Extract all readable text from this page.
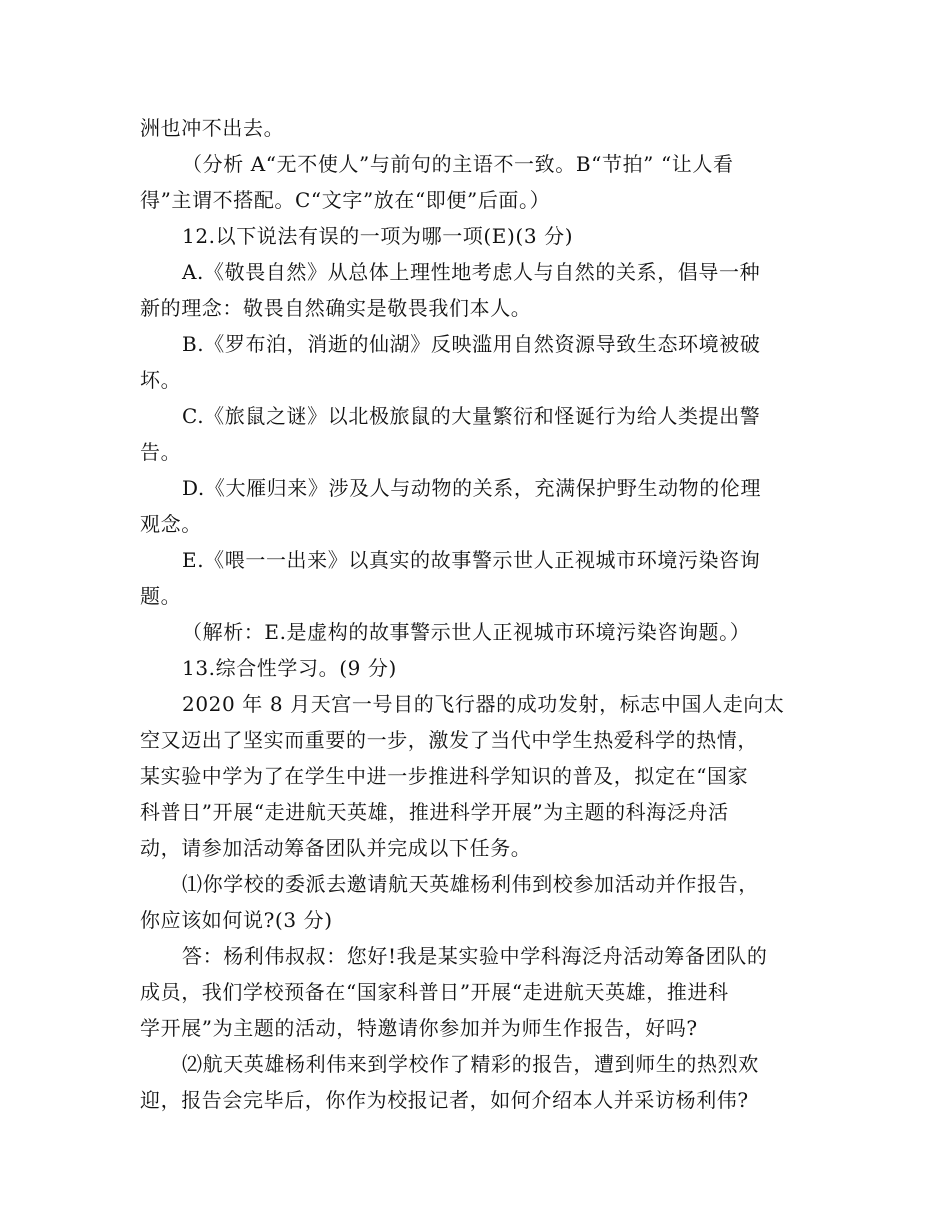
洲也冲不出去。
（分析 A“无不使人”与前句的主语不一致。B“节拍” “让人看
得”主谓不搭配。C“文字”放在“即便”后面。）
12.以下说法有误的一项为哪一项(E)(3 分)
A.《敬畏自然》从总体上理性地考虑人与自然的关系，倡导一种
新的理念：敬畏自然确实是敬畏我们本人。
B.《罗布泊，消逝的仙湖》反映滥用自然资源导致生态环境被破
坏。
C.《旅鼠之谜》以北极旅鼠的大量繁衍和怪诞行为给人类提出警
告。
D.《大雁归来》涉及人与动物的关系，充满保护野生动物的伦理
观念。
E.《喂一一出来》以真实的故事警示世人正视城市环境污染咨询
题。
（解析：E.是虚构的故事警示世人正视城市环境污染咨询题。）
13.综合性学习。(9 分)
2020 年 8 月天宫一号目的飞行器的成功发射，标志中国人走向太
空又迈出了坚实而重要的一步，激发了当代中学生热爱科学的热情，
某实验中学为了在学生中进一步推进科学知识的普及，拟定在“国家
科普日”开展“走进航天英雄，推进科学开展”为主题的科海泛舟活
动，请参加活动筹备团队并完成以下任务。
⑴你学校的委派去邀请航天英雄杨利伟到校参加活动并作报告，
你应该如何说?(3 分)
答：杨利伟叔叔：您好!我是某实验中学科海泛舟活动筹备团队的
成员，我们学校预备在“国家科普日”开展“走进航天英雄，推进科
学开展”为主题的活动，特邀请你参加并为师生作报告，好吗?
⑵航天英雄杨利伟来到学校作了精彩的报告，遭到师生的热烈欢
迎，报告会完毕后，你作为校报记者，如何介绍本人并采访杨利伟?
